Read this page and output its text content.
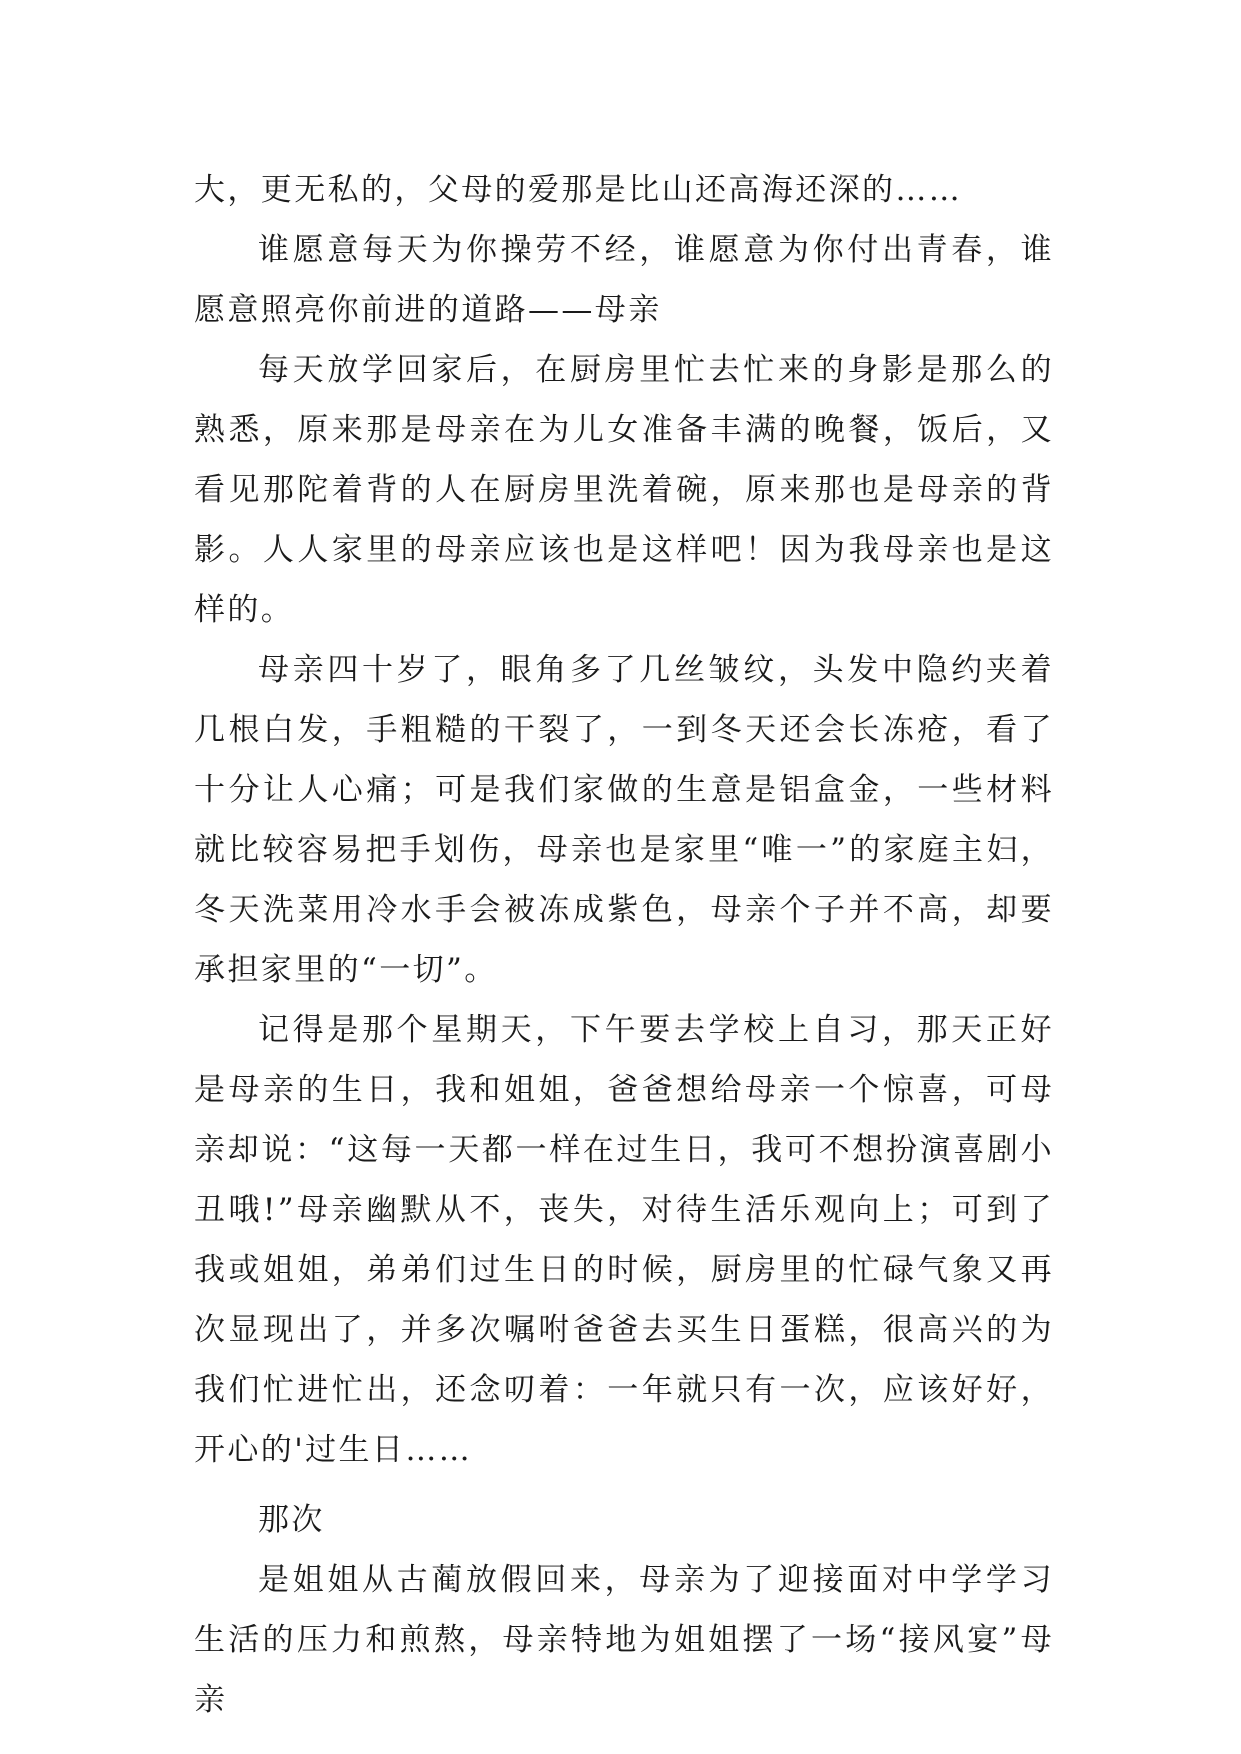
大，更无私的，父母的爱那是比山还高海还深的……

谁愿意每天为你操劳不经，谁愿意为你付出青春，谁愿意照亮你前进的道路——母亲

每天放学回家后，在厨房里忙去忙来的身影是那么的熟悉，原来那是母亲在为儿女准备丰满的晚餐，饭后，又看见那陀着背的人在厨房里洗着碗，原来那也是母亲的背影。人人家里的母亲应该也是这样吧！因为我母亲也是这样的。

母亲四十岁了，眼角多了几丝皱纹，头发中隐约夹着几根白发，手粗糙的干裂了，一到冬天还会长冻疮，看了十分让人心痛；可是我们家做的生意是铝盒金，一些材料就比较容易把手划伤，母亲也是家里“唯一”的家庭主妇，冬天洗菜用冷水手会被冻成紫色，母亲个子并不高，却要承担家里的“一切”。

记得是那个星期天，下午要去学校上自习，那天正好是母亲的生日，我和姐姐，爸爸想给母亲一个惊喜，可母亲却说：“这每一天都一样在过生日，我可不想扮演喜剧小丑哦!”母亲幽默从不，丧失，对待生活乐观向上；可到了我或姐姐，弟弟们过生日的时候，厨房里的忙碌气象又再次显现出了，并多次嘱咐爸爸去买生日蛋糕，很高兴的为我们忙进忙出，还念叨着：一年就只有一次，应该好好，开心的'过生日……

那次

是姐姐从古蔺放假回来，母亲为了迎接面对中学学习生活的压力和煎熬，母亲特地为姐姐摆了一场“接风宴”母亲
